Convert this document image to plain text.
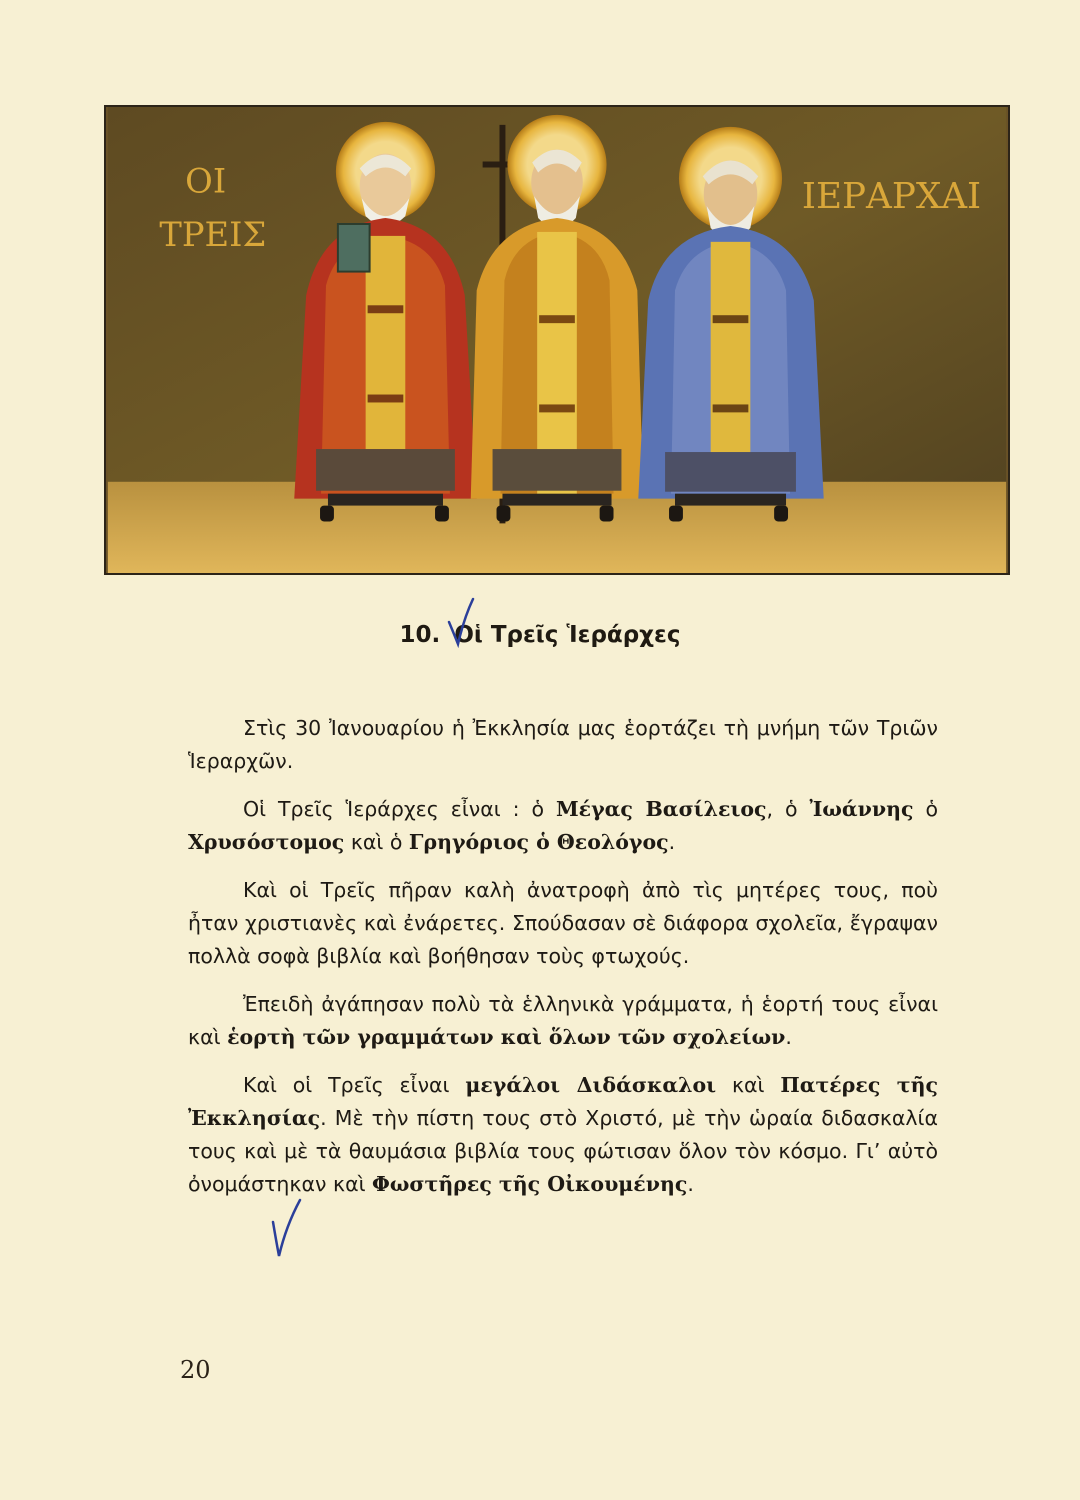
ΟΙ
ΤΡΕΙΣ
ΙΕΡΑΡΧΑΙ
10. Οἱ Τρεῖς Ἱεράρχες

Στὶς 30 Ἰανουαρίου ἡ Ἐκκλησία μας ἑορτάζει τὴ μνήμη τῶν Τριῶν Ἱεραρχῶν.

Οἱ Τρεῖς Ἱεράρχες εἶναι : ὁ Μέγας Βασίλειος, ὁ Ἰωάννης ὁ Χρυσόστομος καὶ ὁ Γρηγόριος ὁ Θεολόγος.

Καὶ οἱ Τρεῖς πῆραν καλὴ ἀνατροφὴ ἀπὸ τὶς μητέρες τους, ποὺ ἦταν χριστιανὲς καὶ ἐνάρετες. Σπούδασαν σὲ διάφορα σχολεῖα, ἔγραψαν πολλὰ σοφὰ βιβλία καὶ βοήθησαν τοὺς φτωχούς.

Ἐπειδὴ ἀγάπησαν πολὺ τὰ ἑλληνικὰ γράμματα, ἡ ἑορτή τους εἶναι καὶ ἑορτὴ τῶν γραμμάτων καὶ ὅλων τῶν σχολείων.

Καὶ οἱ Τρεῖς εἶναι μεγάλοι Διδάσκαλοι καὶ Πατέρες τῆς Ἐκκλησίας. Μὲ τὴν πίστη τους στὸ Χριστό, μὲ τὴν ὡραία διδασκαλία τους καὶ μὲ τὰ θαυμάσια βιβλία τους φώτισαν ὅλον τὸν κόσμο. Γι’ αὐτὸ ὀνομάστηκαν καὶ Φωστῆρες τῆς Οἰκουμένης.

20
